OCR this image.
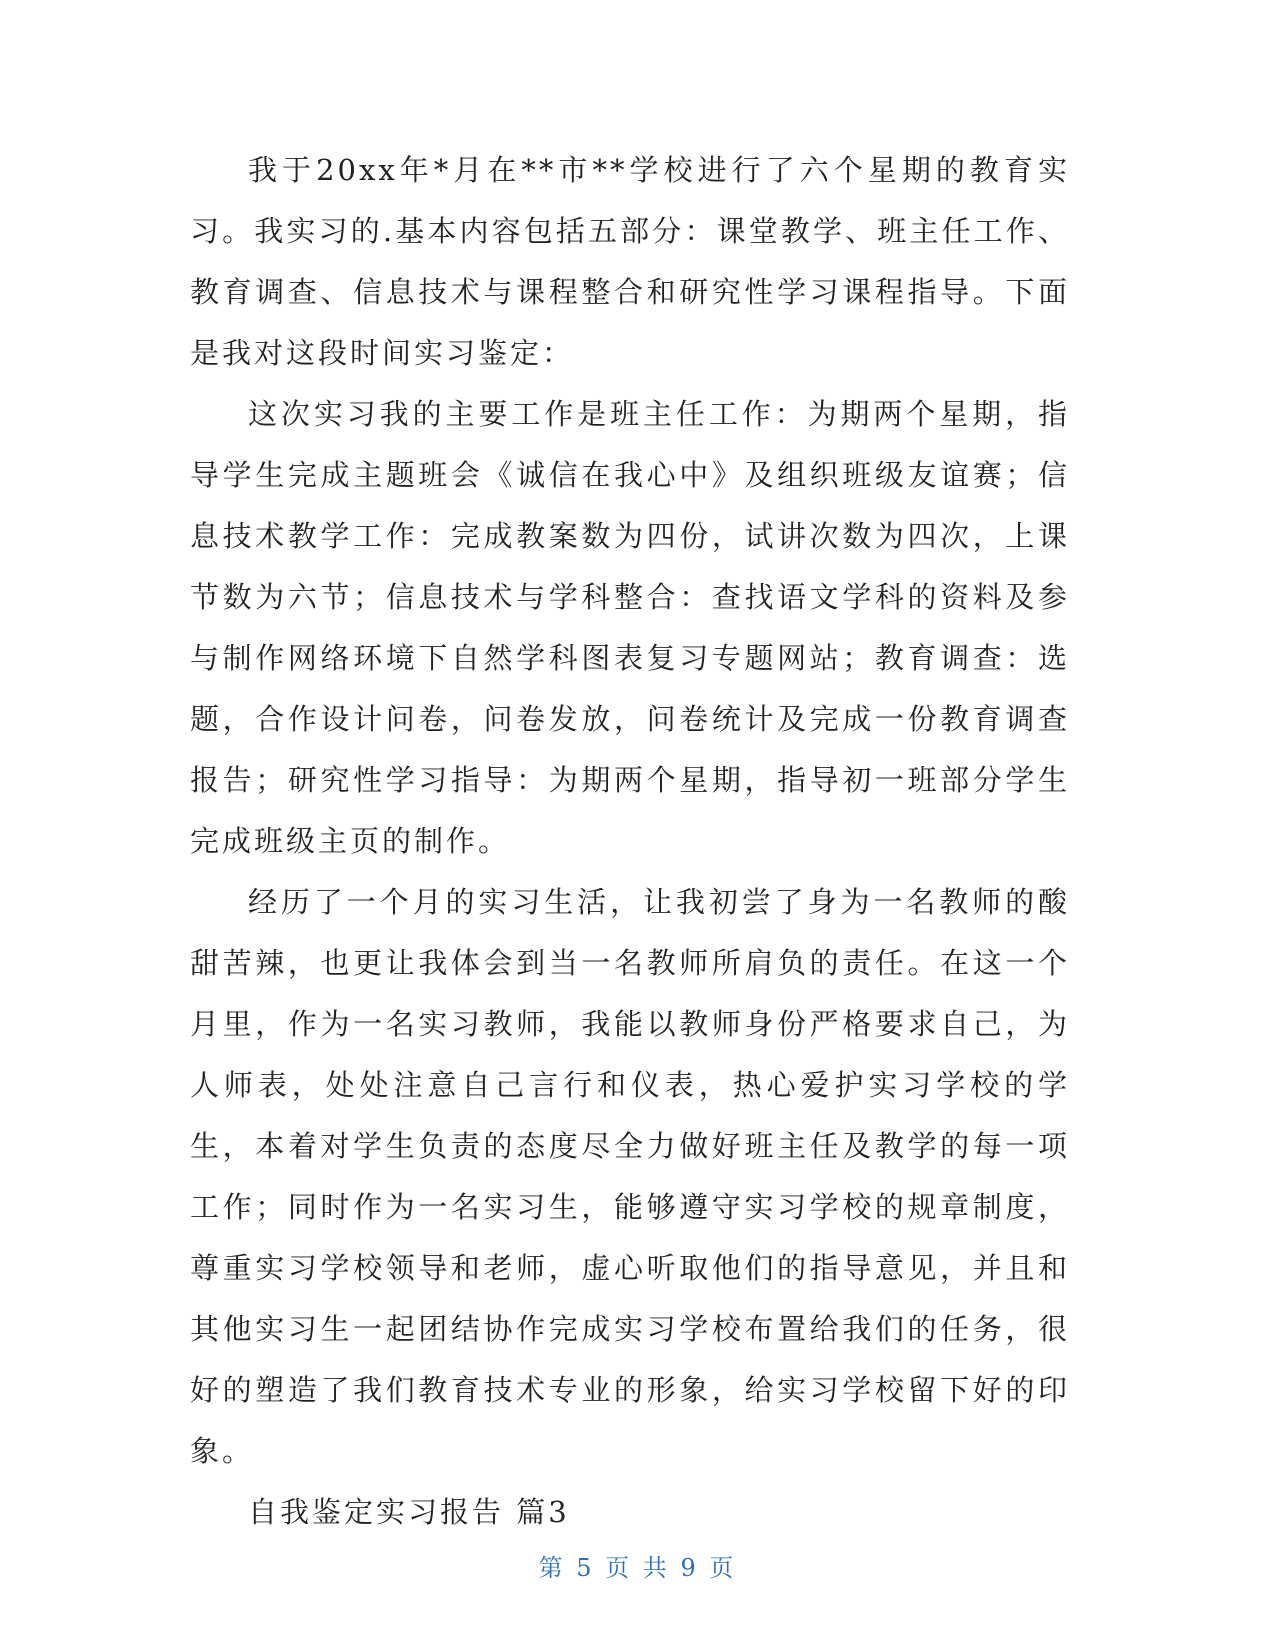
我于20xx年*月在**市**学校进行了六个星期的教育实习。我实习的.基本内容包括五部分：课堂教学、班主任工作、教育调查、信息技术与课程整合和研究性学习课程指导。下面是我对这段时间实习鉴定：

这次实习我的主要工作是班主任工作：为期两个星期，指导学生完成主题班会《诚信在我心中》及组织班级友谊赛；信息技术教学工作：完成教案数为四份，试讲次数为四次，上课节数为六节；信息技术与学科整合：查找语文学科的资料及参与制作网络环境下自然学科图表复习专题网站；教育调查：选题，合作设计问卷，问卷发放，问卷统计及完成一份教育调查报告；研究性学习指导：为期两个星期，指导初一班部分学生完成班级主页的制作。

经历了一个月的实习生活，让我初尝了身为一名教师的酸甜苦辣，也更让我体会到当一名教师所肩负的责任。在这一个月里，作为一名实习教师，我能以教师身份严格要求自己，为人师表，处处注意自己言行和仪表，热心爱护实习学校的学生，本着对学生负责的态度尽全力做好班主任及教学的每一项工作；同时作为一名实习生，能够遵守实习学校的规章制度，尊重实习学校领导和老师，虚心听取他们的指导意见，并且和其他实习生一起团结协作完成实习学校布置给我们的任务，很好的塑造了我们教育技术专业的形象，给实习学校留下好的印象。

自我鉴定实习报告 篇3

第 5 页 共 9 页
